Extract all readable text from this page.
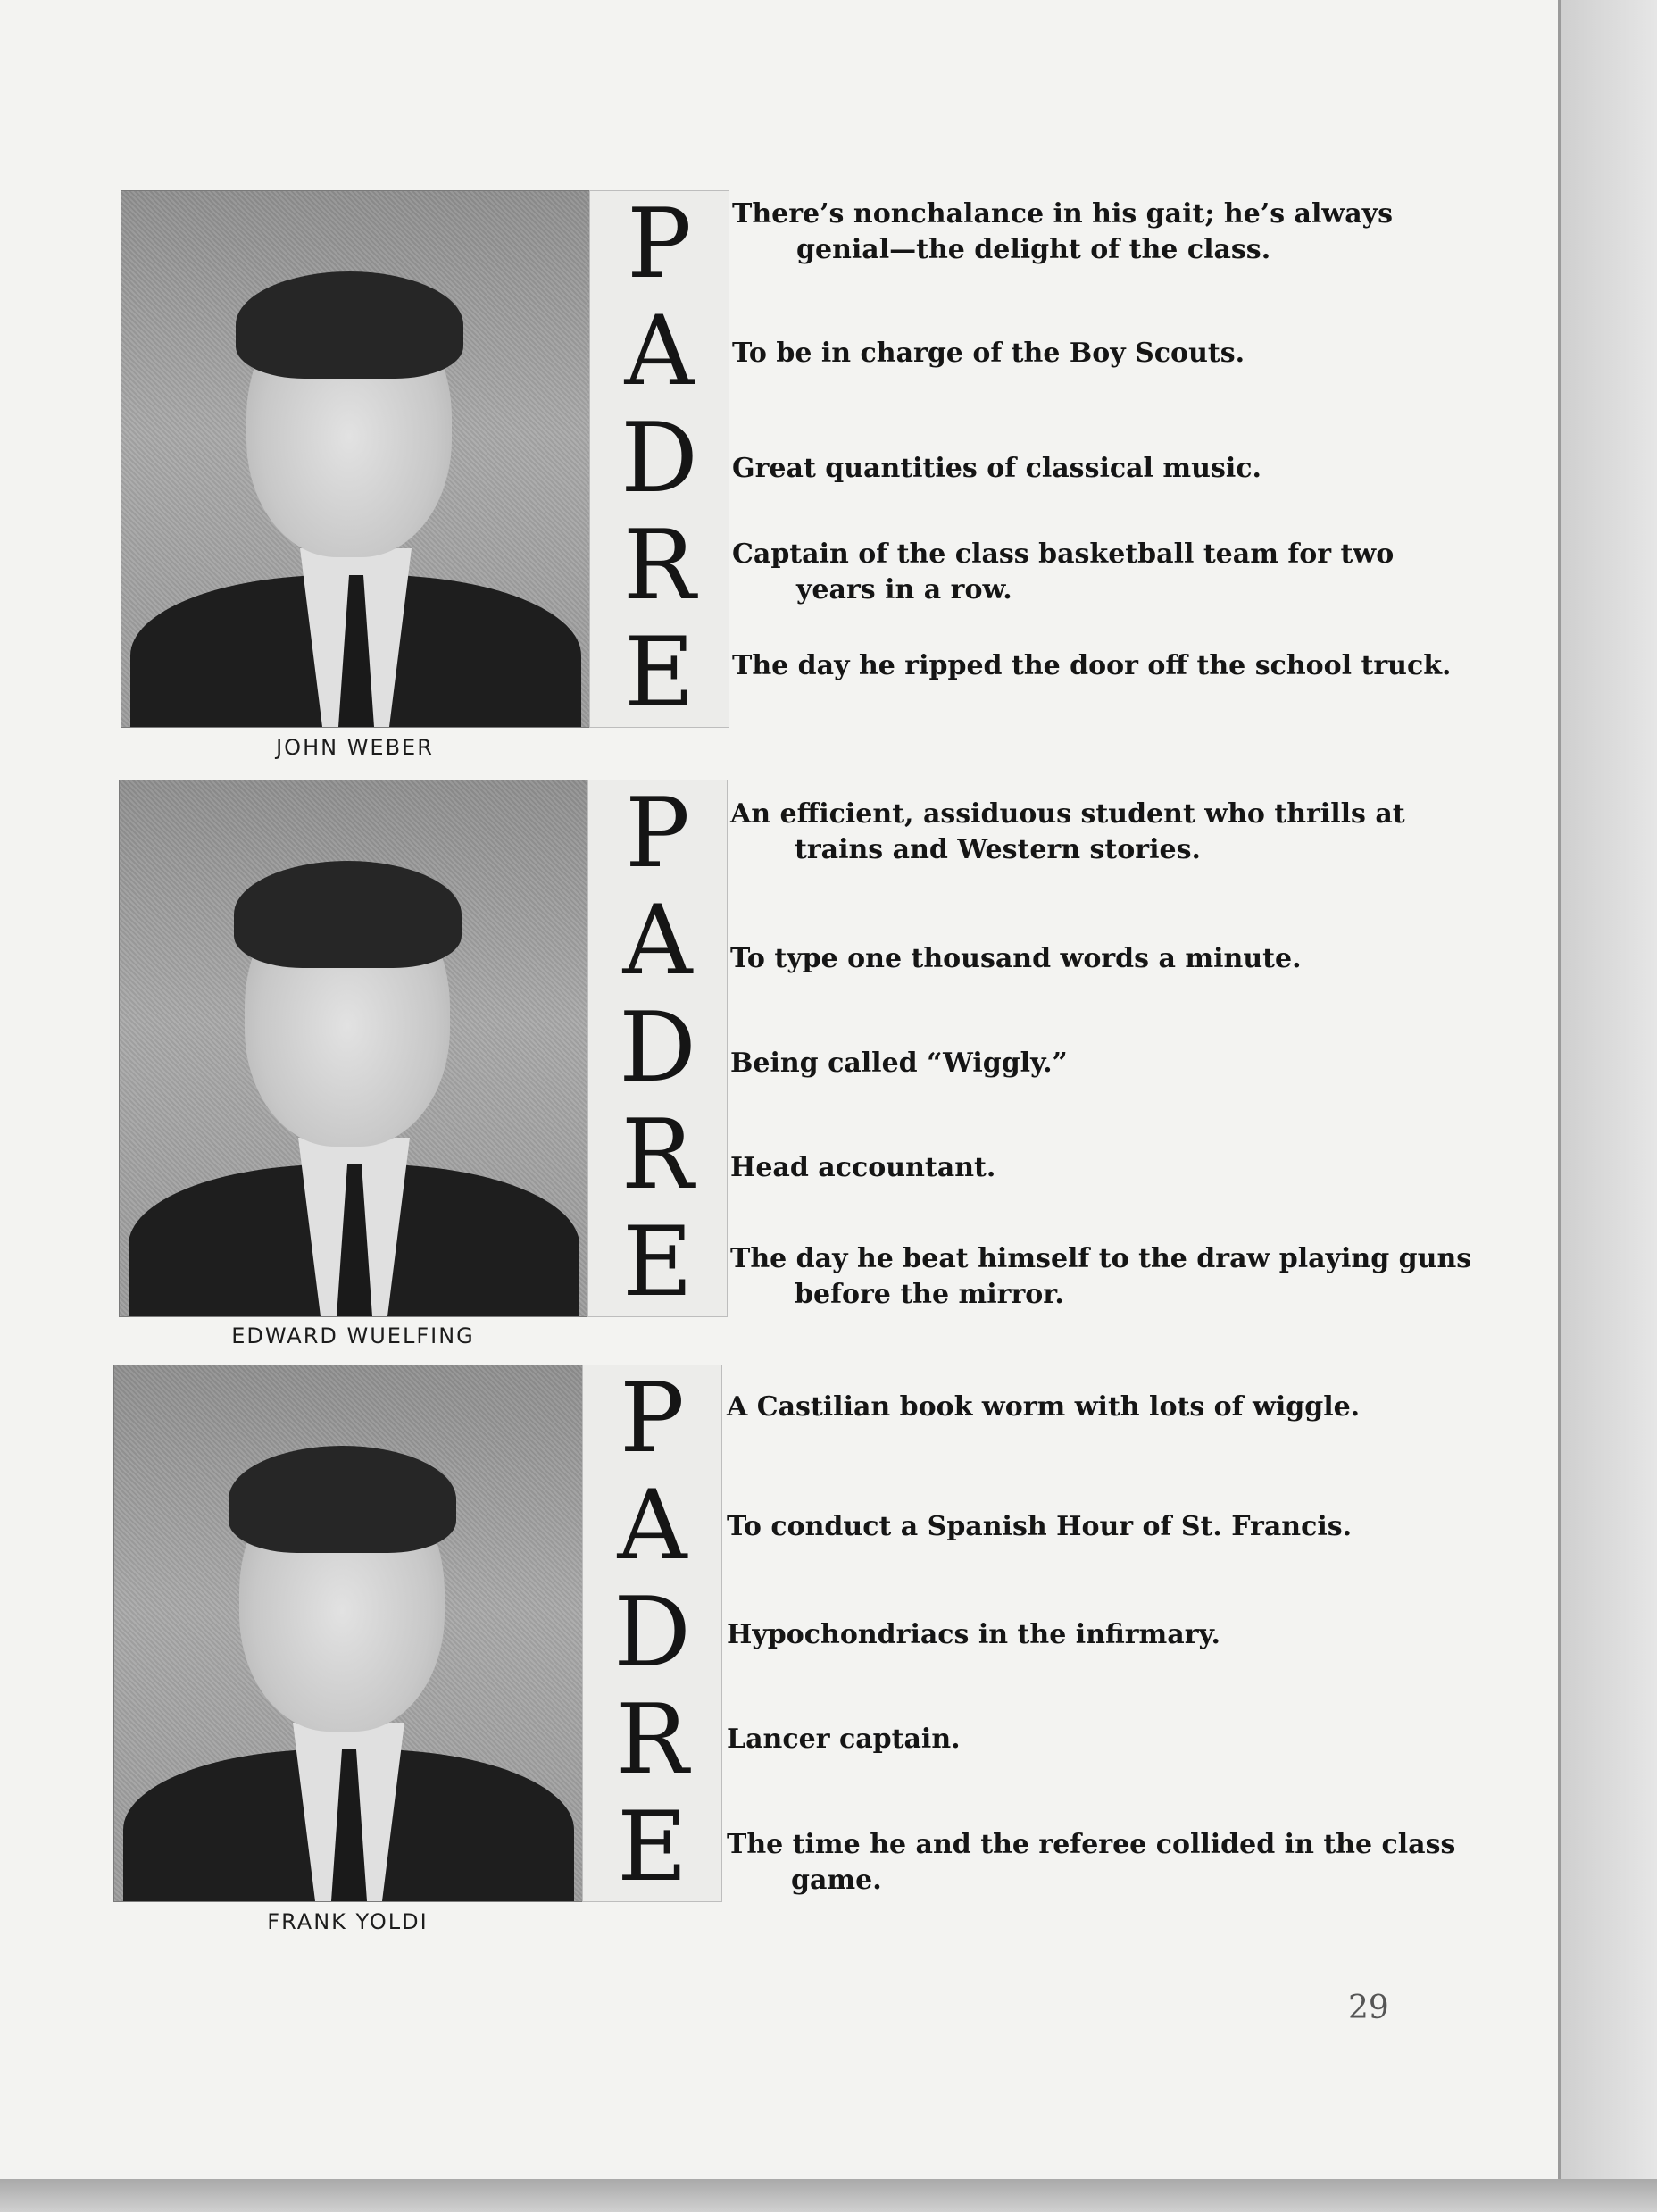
P
A
D
R
E
JOHN WEBER
There’s nonchalance in his gait; he’s always genial—the delight of the class.
To be in charge of the Boy Scouts.
Great quantities of classical music.
Captain of the class basketball team for two years in a row.
The day he ripped the door off the school truck.
P
A
D
R
E
EDWARD WUELFING
An efficient, assiduous student who thrills at trains and Western stories.
To type one thousand words a minute.
Being called “Wiggly.”
Head accountant.
The day he beat himself to the draw playing guns before the mirror.
P
A
D
R
E
FRANK YOLDI
A Castilian book worm with lots of wiggle.
To conduct a Spanish Hour of St. Francis.
Hypochondriacs in the infirmary.
Lancer captain.
The time he and the referee collided in the class game.
29
